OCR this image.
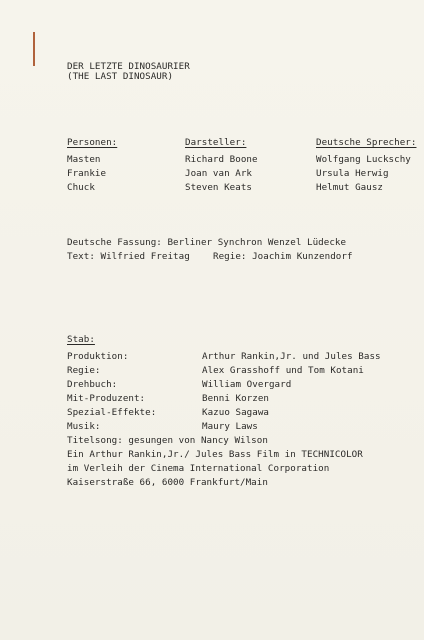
DER LETZTE DINOSAURIER
(THE LAST DINOSAUR)
Personen:	Darsteller:	Deutsche Sprecher:
Masten	Richard Boone	Wolfgang Luckschy
Frankie	Joan van Ark	Ursula Herwig
Chuck	Steven Keats	Helmut Gausz
Deutsche Fassung: Berliner Synchron Wenzel Lüdecke
Text: Wilfried Freitag	Regie: Joachim Kunzendorf
Stab:
Produktion:	Arthur Rankin,Jr. und Jules Bass
Regie:	Alex Grasshoff und Tom Kotani
Drehbuch:	William Overgard
Mit-Produzent:	Benni Korzen
Spezial-Effekte:	Kazuo Sagawa
Musik:	Maury Laws
Titelsong: gesungen von Nancy Wilson
Ein Arthur Rankin,Jr./ Jules Bass Film in TECHNICOLOR
im Verleih der Cinema International Corporation
Kaiserstraße 66, 6000 Frankfurt/Main
